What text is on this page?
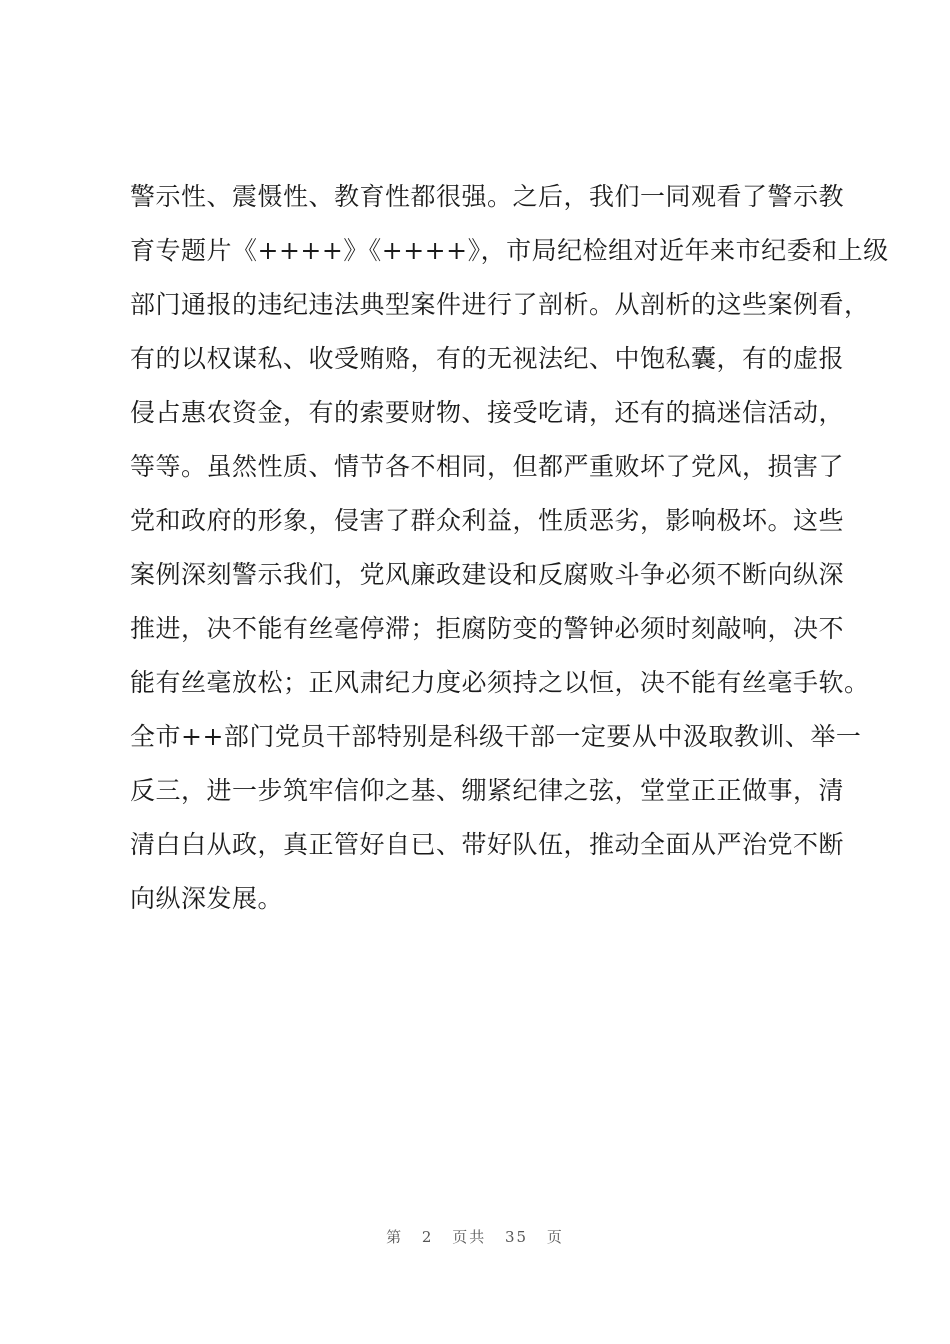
警示性、震慑性、教育性都很强。之后，我们一同观看了警示教
育专题片《++++》《++++》，市局纪检组对近年来市纪委和上级
部门通报的违纪违法典型案件进行了剖析。从剖析的这些案例看，
有的以权谋私、收受贿赂，有的无视法纪、中饱私囊，有的虚报
侵占惠农资金，有的索要财物、接受吃请，还有的搞迷信活动，
等等。虽然性质、情节各不相同，但都严重败坏了党风，损害了
党和政府的形象，侵害了群众利益，性质恶劣，影响极坏。这些
案例深刻警示我们，党风廉政建设和反腐败斗争必须不断向纵深
推进，决不能有丝毫停滞；拒腐防变的警钟必须时刻敲响，决不
能有丝毫放松；正风肃纪力度必须持之以恒，决不能有丝毫手软。
全市++部门党员干部特别是科级干部一定要从中汲取教训、举一
反三，进一步筑牢信仰之基、绷紧纪律之弦，堂堂正正做事，清
清白白从政，真正管好自已、带好队伍，推动全面从严治党不断
向纵深发展。
第 2 页共 35 页
